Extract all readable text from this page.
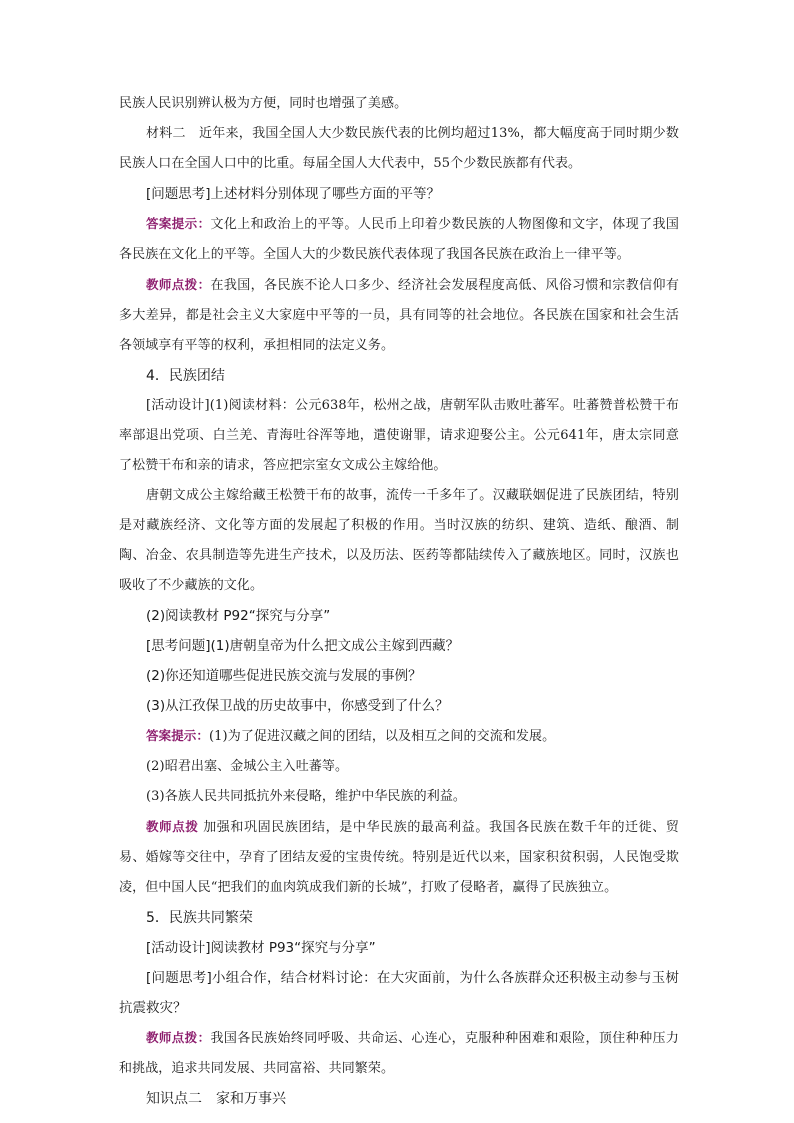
民族人民识别辨认极为方便，同时也增强了美感。

材料二　近年来，我国全国人大少数民族代表的比例均超过13%，都大幅度高于同时期少数民族人口在全国人口中的比重。每届全国人大代表中，55个少数民族都有代表。

[问题思考]上述材料分别体现了哪些方面的平等？

答案提示：文化上和政治上的平等。人民币上印着少数民族的人物图像和文字，体现了我国各民族在文化上的平等。全国人大的少数民族代表体现了我国各民族在政治上一律平等。

教师点拨：在我国，各民族不论人口多少、经济社会发展程度高低、风俗习惯和宗教信仰有多大差异，都是社会主义大家庭中平等的一员，具有同等的社会地位。各民族在国家和社会生活各领域享有平等的权利，承担相同的法定义务。

4．民族团结

[活动设计](1)阅读材料：公元638年，松州之战，唐朝军队击败吐蕃军。吐蕃赞普松赞干布率部退出党项、白兰羌、青海吐谷浑等地，遣使谢罪，请求迎娶公主。公元641年，唐太宗同意了松赞干布和亲的请求，答应把宗室女文成公主嫁给他。

唐朝文成公主嫁给藏王松赞干布的故事，流传一千多年了。汉藏联姻促进了民族团结，特别是对藏族经济、文化等方面的发展起了积极的作用。当时汉族的纺织、建筑、造纸、酿酒、制陶、冶金、农具制造等先进生产技术，以及历法、医药等都陆续传入了藏族地区。同时，汉族也吸收了不少藏族的文化。

(2)阅读教材 P92“探究与分享”

[思考问题](1)唐朝皇帝为什么把文成公主嫁到西藏？

(2)你还知道哪些促进民族交流与发展的事例？

(3)从江孜保卫战的历史故事中，你感受到了什么？

答案提示：(1)为了促进汉藏之间的团结，以及相互之间的交流和发展。

(2)昭君出塞、金城公主入吐蕃等。

(3)各族人民共同抵抗外来侵略，维护中华民族的利益。

教师点拨 加强和巩固民族团结，是中华民族的最高利益。我国各民族在数千年的迁徙、贸易、婚嫁等交往中，孕育了团结友爱的宝贵传统。特别是近代以来，国家积贫积弱，人民饱受欺凌，但中国人民“把我们的血肉筑成我们新的长城”，打败了侵略者，赢得了民族独立。

5．民族共同繁荣

[活动设计]阅读教材 P93“探究与分享”

[问题思考]小组合作，结合材料讨论：在大灾面前，为什么各族群众还积极主动参与玉树抗震救灾？

教师点拨：我国各民族始终同呼吸、共命运、心连心，克服种种困难和艰险，顶住种种压力和挑战，追求共同发展、共同富裕、共同繁荣。

知识点二　家和万事兴
